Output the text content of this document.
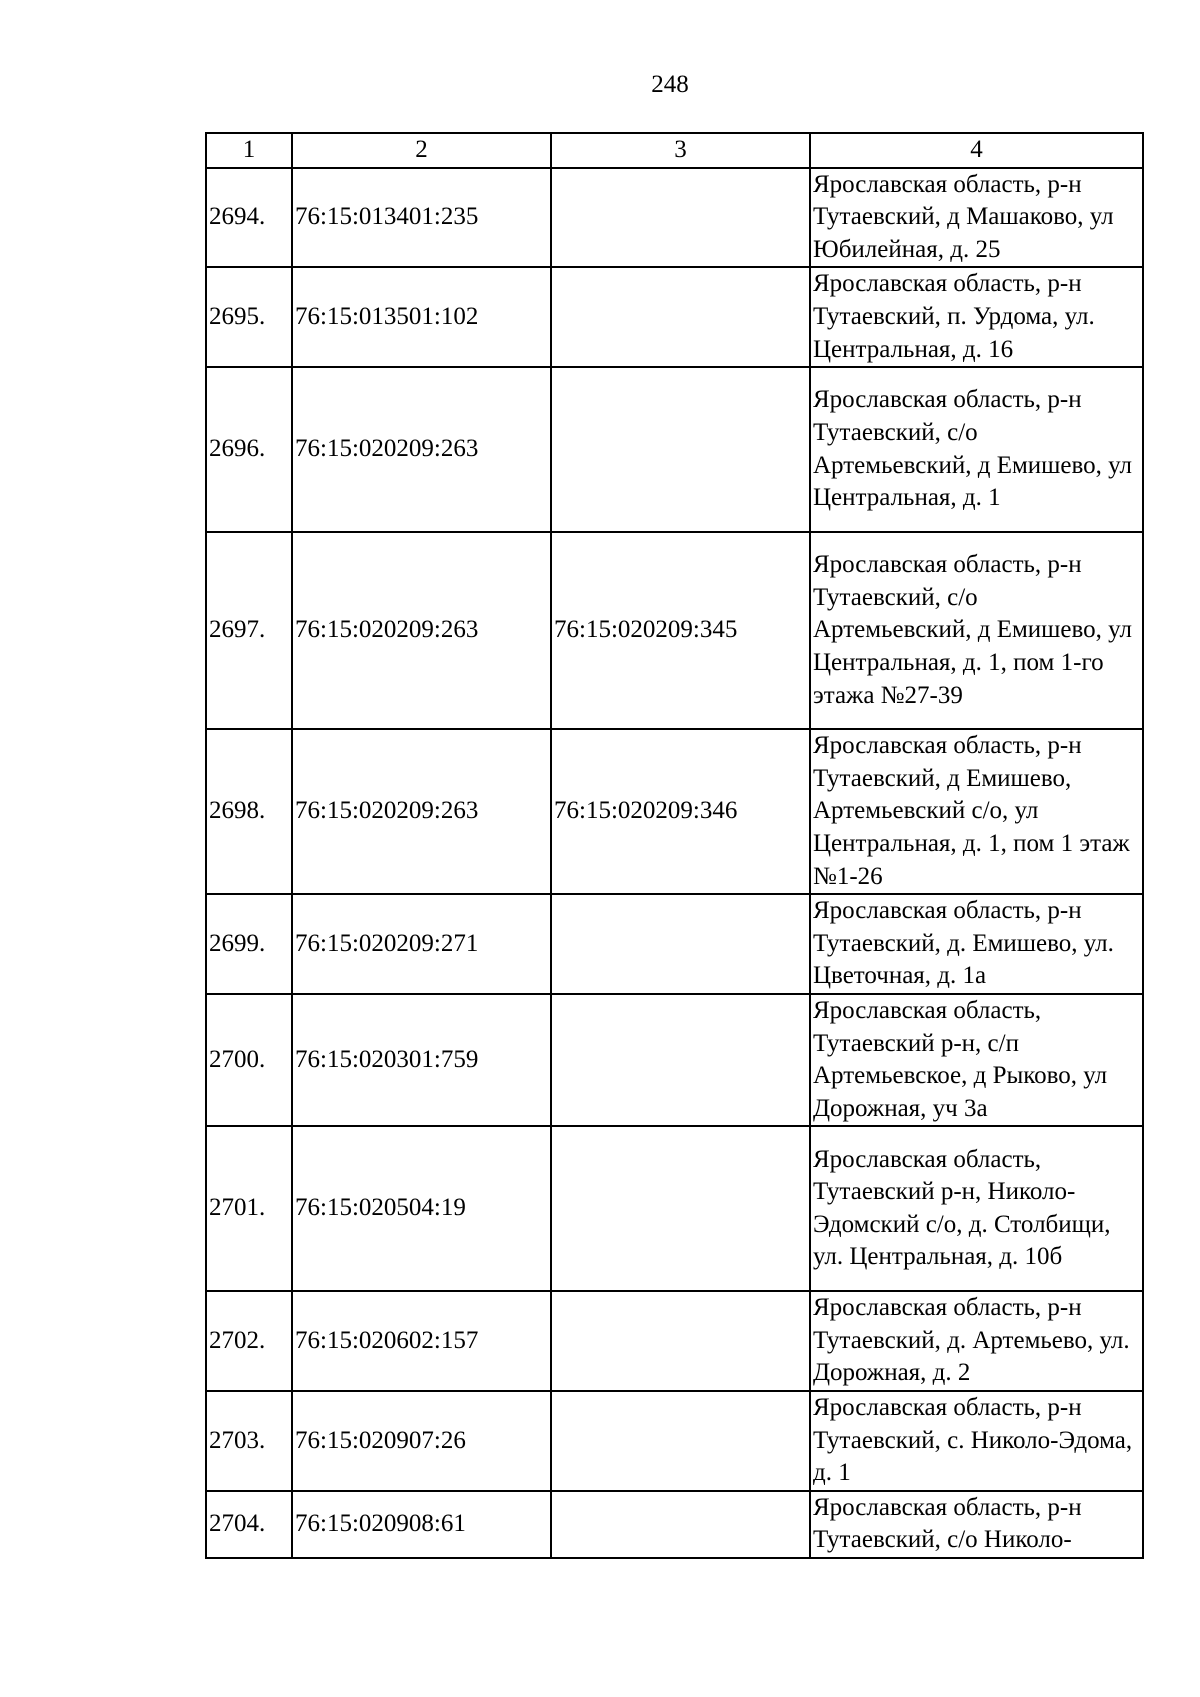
248
1	2	3	4
2694.	76:15:013401:235		Ярославская область, р-н Тутаевский, д Машаково, ул Юбилейная, д. 25
2695.	76:15:013501:102		Ярославская область, р-н Тутаевский, п. Урдома, ул. Центральная, д. 16
2696.	76:15:020209:263		Ярославская область, р-н Тутаевский, с/о Артемьевский, д Емишево, ул Центральная, д. 1
2697.	76:15:020209:263	76:15:020209:345	Ярославская область, р-н Тутаевский, с/о Артемьевский, д Емишево, ул Центральная, д. 1, пом 1-го этажа №27-39
2698.	76:15:020209:263	76:15:020209:346	Ярославская область, р-н Тутаевский, д Емишево, Артемьевский с/о, ул Центральная, д. 1, пом 1 этаж №1-26
2699.	76:15:020209:271		Ярославская область, р-н Тутаевский, д. Емишево, ул. Цветочная, д. 1а
2700.	76:15:020301:759		Ярославская область, Тутаевский р-н, с/п Артемьевское, д Рыково, ул Дорожная, уч 3а
2701.	76:15:020504:19		Ярославская область, Тутаевский р-н, Николо-Эдомский с/о, д. Столбищи, ул. Центральная, д. 10б
2702.	76:15:020602:157		Ярославская область, р-н Тутаевский, д. Артемьево, ул. Дорожная, д. 2
2703.	76:15:020907:26		Ярославская область, р-н Тутаевский, с. Николо-Эдома, д. 1
2704.	76:15:020908:61		Ярославская область, р-н Тутаевский, с/о Николо-
